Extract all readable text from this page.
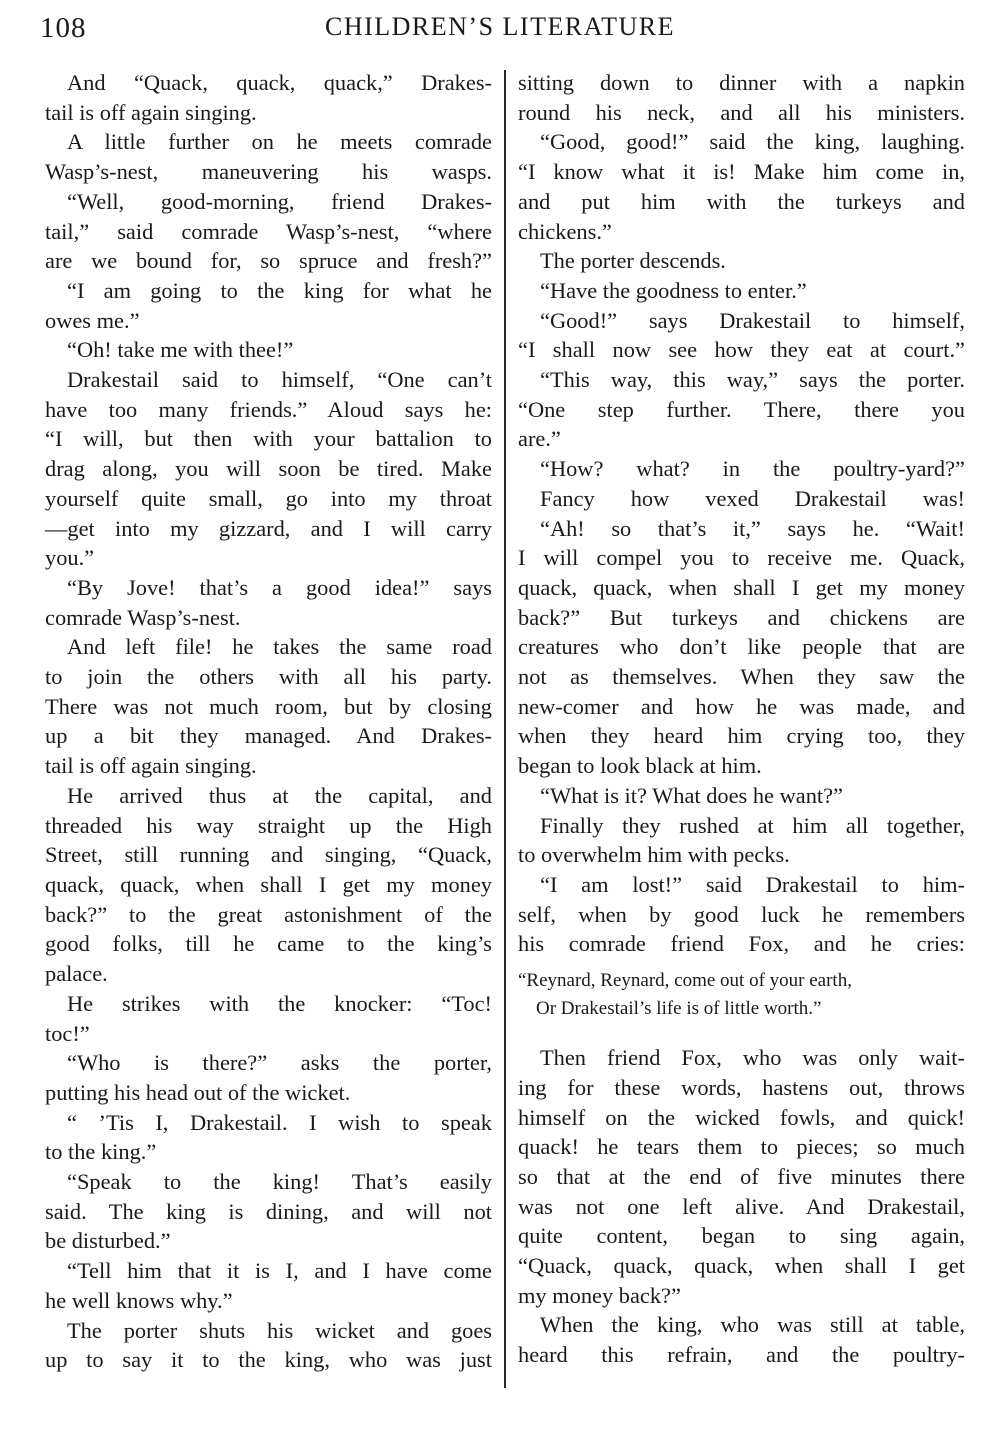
108	CHILDREN’S LITERATURE
And “Quack, quack, quack,” Drakes-
tail is off again singing.
A little further on he meets comrade
Wasp’s-nest, maneuvering his wasps.
“Well, good-morning, friend Drakes-
tail,” said comrade Wasp’s-nest, “where
are we bound for, so spruce and fresh?”
“I am going to the king for what he
owes me.”
“Oh! take me with thee!”
Drakestail said to himself, “One can’t
have too many friends.” Aloud says he:
“I will, but then with your battalion to
drag along, you will soon be tired. Make
yourself quite small, go into my throat
—get into my gizzard, and I will carry
you.”
“By Jove! that’s a good idea!” says
comrade Wasp’s-nest.
And left file! he takes the same road
to join the others with all his party.
There was not much room, but by closing
up a bit they managed. And Drakes-
tail is off again singing.
He arrived thus at the capital, and
threaded his way straight up the High
Street, still running and singing, “Quack,
quack, quack, when shall I get my money
back?” to the great astonishment of the
good folks, till he came to the king’s
palace.
He strikes with the knocker: “Toc!
toc!”
“Who is there?” asks the porter,
putting his head out of the wicket.
“ ’Tis I, Drakestail. I wish to speak
to the king.”
“Speak to the king! That’s easily
said. The king is dining, and will not
be disturbed.”
“Tell him that it is I, and I have come
he well knows why.”
The porter shuts his wicket and goes
up to say it to the king, who was just
sitting down to dinner with a napkin
round his neck, and all his ministers.
“Good, good!” said the king, laughing.
“I know what it is! Make him come in,
and put him with the turkeys and
chickens.”
The porter descends.
“Have the goodness to enter.”
“Good!” says Drakestail to himself,
“I shall now see how they eat at court.”
“This way, this way,” says the porter.
“One step further. There, there you
are.”
“How? what? in the poultry-yard?”
Fancy how vexed Drakestail was!
“Ah! so that’s it,” says he. “Wait!
I will compel you to receive me. Quack,
quack, quack, when shall I get my money
back?” But turkeys and chickens are
creatures who don’t like people that are
not as themselves. When they saw the
new-comer and how he was made, and
when they heard him crying too, they
began to look black at him.
“What is it? What does he want?”
Finally they rushed at him all together,
to overwhelm him with pecks.
“I am lost!” said Drakestail to him-
self, when by good luck he remembers
his comrade friend Fox, and he cries:
“Reynard, Reynard, come out of your earth,
Or Drakestail’s life is of little worth.”
Then friend Fox, who was only wait-
ing for these words, hastens out, throws
himself on the wicked fowls, and quick!
quack! he tears them to pieces; so much
so that at the end of five minutes there
was not one left alive. And Drakestail,
quite content, began to sing again,
“Quack, quack, quack, when shall I get
my money back?”
When the king, who was still at table,
heard this refrain, and the poultry-
